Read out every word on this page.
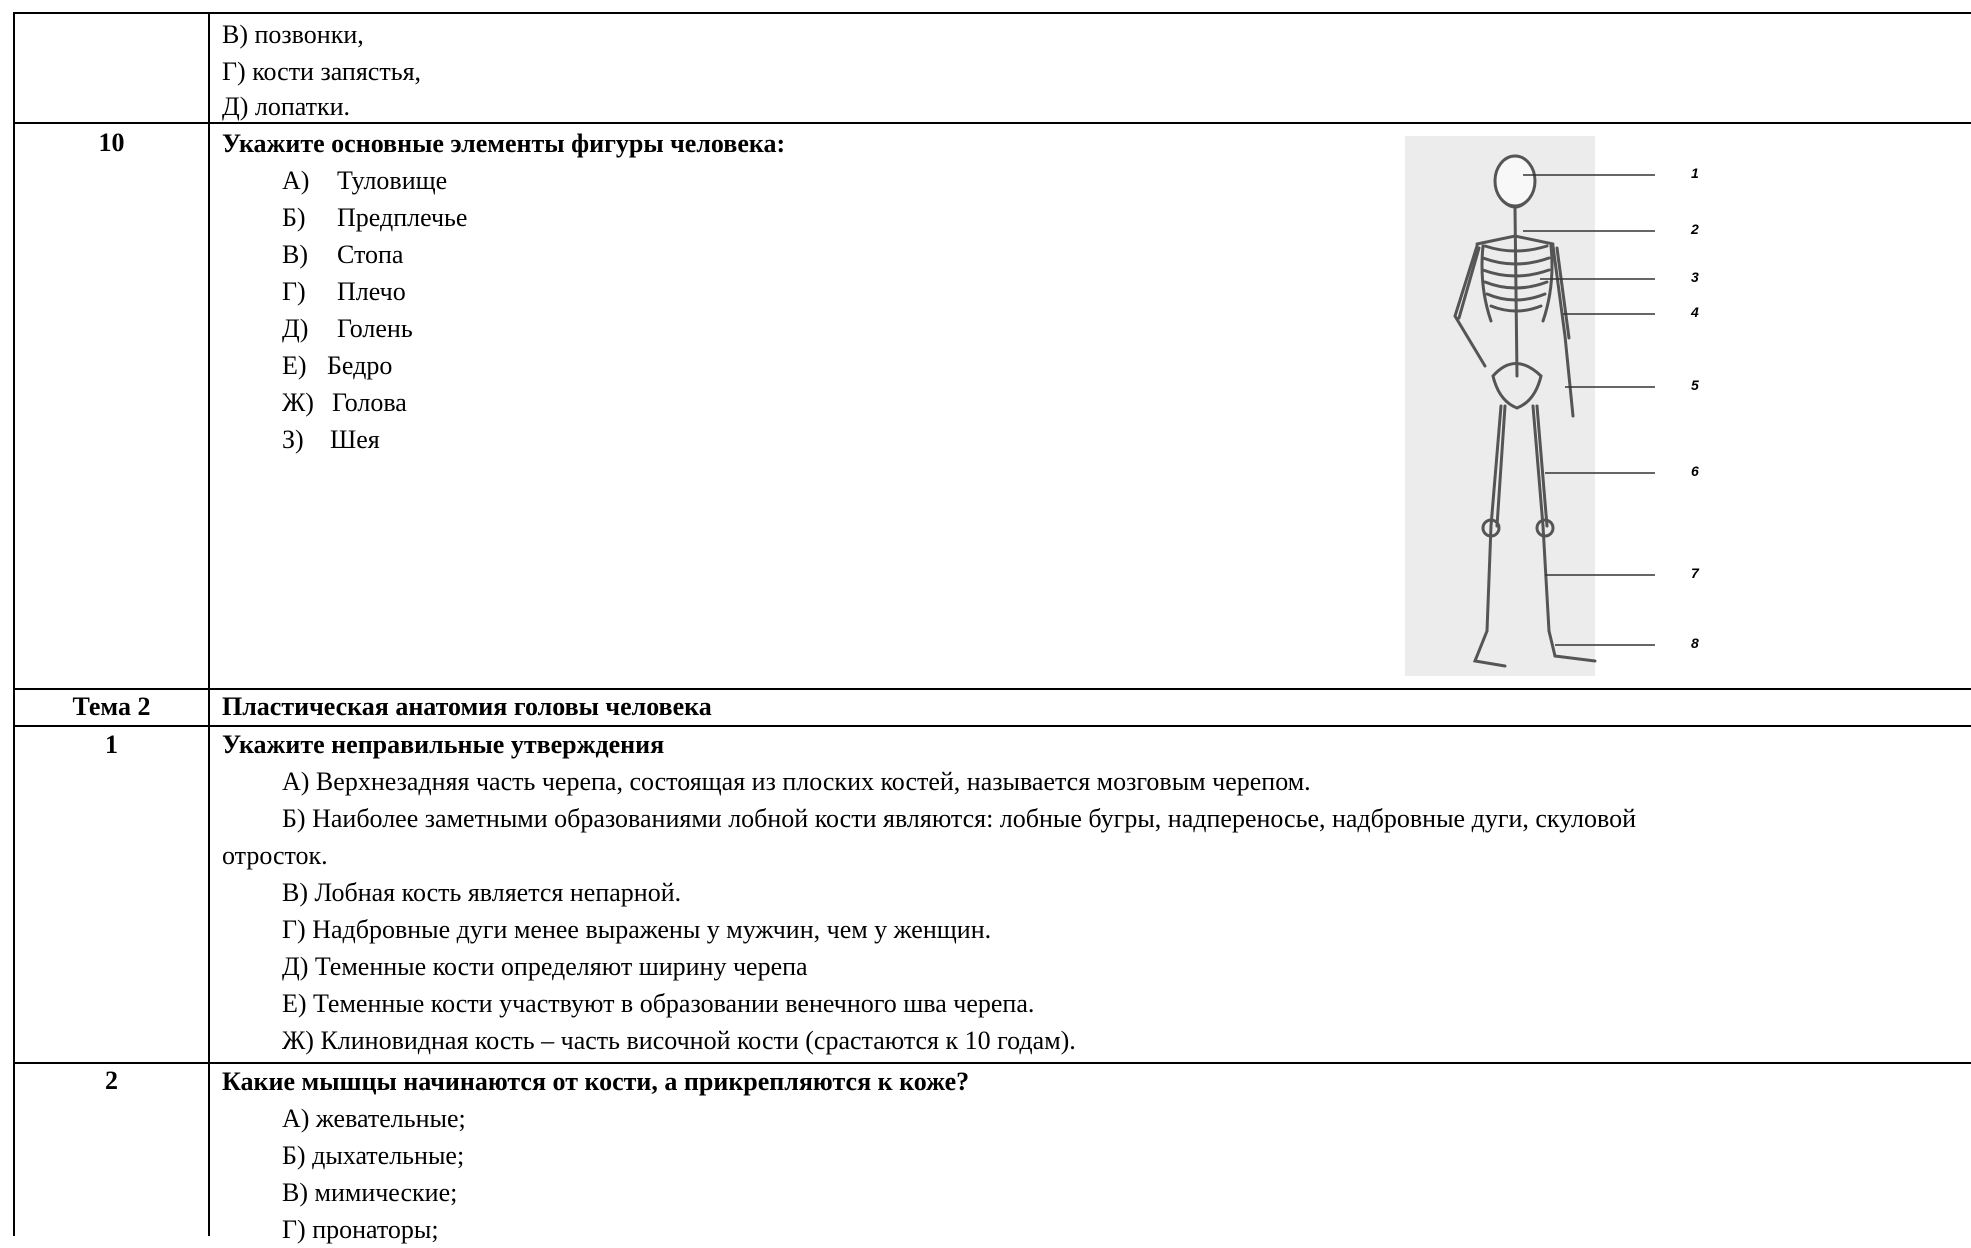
В) позвонки,
Г) кости запястья,
Д) лопатки.
10	Укажите основные элементы фигуры человека:
А) Туловище
Б) Предплечье
В) Стопа
Г) Плечо
Д) Голень
Е) Бедро
Ж) Голова
З) Шея
1
2
3
4
5
6
7
8
Тема 2	Пластическая анатомия головы человека
1	Укажите неправильные утверждения
А) Верхнезадняя часть черепа, состоящая из плоских костей, называется мозговым черепом.
Б) Наиболее заметными образованиями лобной кости являются: лобные бугры, надпереносье, надбровные дуги, скуловой
отросток.
В) Лобная кость является непарной.
Г) Надбровные дуги менее выражены у мужчин, чем у женщин.
Д) Теменные кости определяют ширину черепа
Е) Теменные кости участвуют в образовании венечного шва черепа.
Ж) Клиновидная кость – часть височной кости (срастаются к 10 годам).
2	Какие мышцы начинаются от кости, а прикрепляются к коже?
А) жевательные;
Б) дыхательные;
В) мимические;
Г) пронаторы;
